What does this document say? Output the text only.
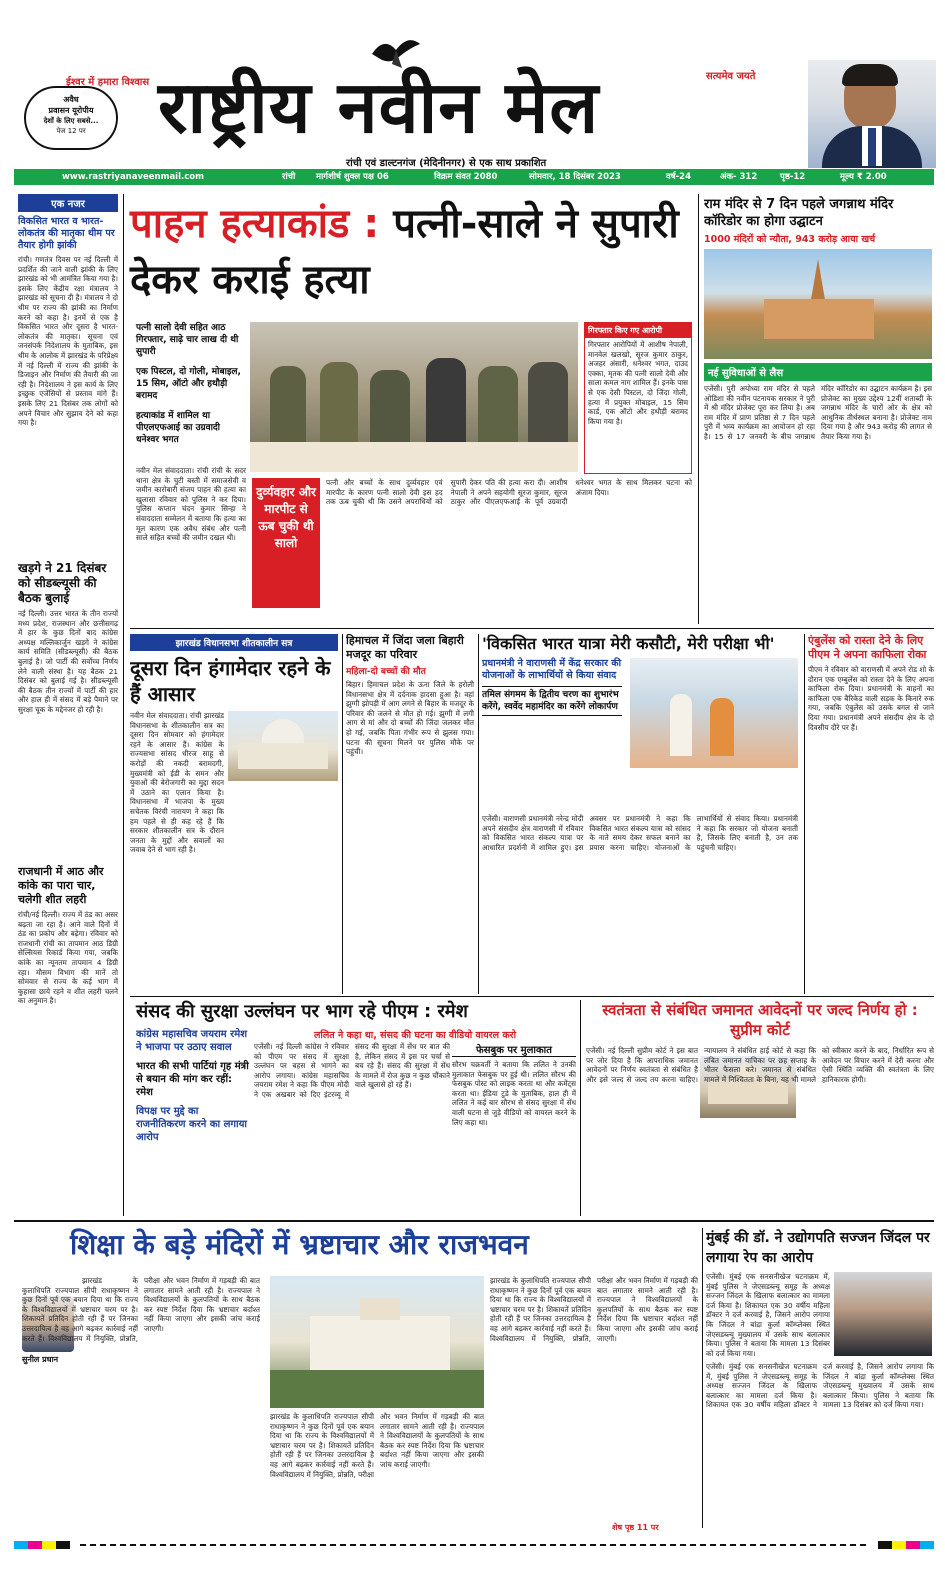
ईश्वर में हमारा विश्वास
अवैध
प्रवासन यूरोपीय
देशों के लिए सबसे...
पेज 12 पर	राष्ट्रीय नवीन मेल	सत्यमेव जयते
रांची एवं डाल्टनगंज (मेदिनीनगर) से एक साथ प्रकाशित
www.rastriyanaveenmail.com	रांची मार्गशीर्ष शुक्ल पक्ष 06	विक्रम संवत 2080	सोमवार, 18 दिसंबर 2023	वर्ष-24	अंक- 312	पृष्ठ-12	मूल्य ₹ 2.00
एक नजर
विकसित भारत व भारत-लोकतंत्र की मातृका थीम पर तैयार होगी झांकी
रांची। गणतंत्र दिवस पर नई दिल्ली में प्रदर्शित की जाने वाली झांकी के लिए झारखंड को भी आमंत्रित किया गया है। इसके लिए केंद्रीय रक्षा मंत्रालय ने झारखंड को सूचना दी है। मंत्रालय ने दो थीम पर राज्य की झांकी का निर्माण करने को कहा है। इनमें से एक है विकसित भारत और दूसरा है भारत-लोकतंत्र की मातृका। सूचना एवं जनसंपर्क निदेशालय के मुताबिक, इस थीम के आलोक में झारखंड के परिप्रेक्ष्य में नई दिल्ली में राज्य की झांकी के डिजाइन और निर्माण की तैयारी की जा रही है। निदेशालय ने इस कार्य के लिए इच्छुक एजेंसियों से प्रस्ताव मांगे हैं। इसके लिए 21 दिसंबर तक लोगों को अपने विचार और सुझाव देने को कहा गया है।
खड़गे ने 21 दिसंबर को सीडब्ल्यूसी की बैठक बुलाई
नई दिल्ली। उत्तर भारत के तीन राज्यों मध्य प्रदेश, राजस्थान और छत्तीसगढ़ में हार के कुछ दिनों बाद कांग्रेस अध्यक्ष मल्लिकार्जुन खड़गे ने कांग्रेस कार्य समिति (सीडब्ल्यूसी) की बैठक बुलाई है। जो पार्टी की सर्वोच्च निर्णय लेने वाली संस्था है। यह बैठक 21 दिसंबर को बुलाई गई है। सीडब्ल्यूसी की बैठक तीन राज्यों में पार्टी की हार और हाल ही में संसद में बड़े पैमाने पर सुरक्षा चूक के मद्देनजर हो रही है।
राजधानी में आठ और कांके का पारा चार, चलेगी शीत लहरी
रांची/नई दिल्ली। राज्य में ठंड का असर बढ़ता जा रहा है। आने वाले दिनों में ठंड का प्रकोप और बढ़ेगा। रविवार को राजधानी रांची का तापमान आठ डिग्री सेल्सियस रिकार्ड किया गया, जबकि कांके का न्यूनतम तापमान 4 डिग्री रहा। मौसम विभाग की मानें तो सोमवार से राज्य के कई भाग में कुहासा छाये रहने व शीत लहरी चलने का अनुमान है।
पाहन हत्याकांड : पत्नी-साले ने सुपारी देकर कराई हत्या
पत्नी सालो देवी सहित आठ गिरफ्तार, साढ़े चार लाख दी थी सुपारी
एक पिस्टल, दो गोली, मोबाइल, 15 सिम, ऑटो और हथौड़ी बरामद
हत्याकांड में शामिल था पीएलएफआई का उग्रवादी धनेश्वर भगत
नवीन मेल संवाददाता। रांची रांची के सदर थाना क्षेत्र के चुटी बस्ती में समाजसेवी व जमीन कारोबारी संजय पाहन की हत्या का खुलासा रविवार को पुलिस ने कर दिया। पुलिस कप्तान चंदन कुमार सिन्हा ने संवाददाता सम्मेलन में बताया कि हत्या का मूल कारण एक अवैध संबंध और पत्नी साले सहित बच्चों की जमीन दखल थी।
गिरफ्तार किए गए आरोपी
गिरफ्तार आरोपियों में आशीष नेपाली, मानवेल खलखो, सूरज कुमार ठाकुर, अजहर अंसारी, धनेश्वर भगत, दाउद एक्का, मृतक की पत्नी सालो देवी और साला कमल नाग शामिल हैं। इनके पास से एक देसी पिस्टल, दो जिंदा गोली, हत्या में प्रयुक्त मोबाइल, 15 सिम कार्ड, एक ऑटो और हथौड़ी बरामद किया गया है।
दुर्व्यवहार और मारपीट से ऊब चुकी थी सालो
पत्नी और बच्चों के साथ दुर्व्यवहार एवं मारपीट के कारण पत्नी सालो देवी इस हद तक ऊब चुकी थी कि उसने अपराधियों को सुपारी देकर पति की हत्या करा दी। आशीष नेपाली ने अपने सहयोगी सूरज कुमार, सूरज ठाकुर और पीएलएफआई के पूर्व उग्रवादी धनेश्वर भगत के साथ मिलकर घटना को अंजाम दिया।
राम मंदिर से 7 दिन पहले जगन्नाथ मंदिर कॉरिडोर का होगा उद्घाटन
1000 मंदिरों को न्यौता, 943 करोड़ आया खर्च
नई सुविधाओं से लैस
एजेंसी। पुरी अयोध्या राम मंदिर से पहले ओडिशा की नवीन पटनायक सरकार ने पुरी में श्री मंदिर प्रोजेक्ट पूरा कर लिया है। अब राम मंदिर में प्राण प्रतिष्ठा से 7 दिन पहले पुरी में भव्य कार्यक्रम का आयोजन हो रहा है। 15 से 17 जनवरी के बीच जगन्नाथ मंदिर कॉरिडोर का उद्घाटन कार्यक्रम है। इस प्रोजेक्ट का मुख्य उद्देश्य 12वीं शताब्दी के जगन्नाथ मंदिर के चारों ओर के क्षेत्र को आधुनिक तीर्थस्थल बनाना है। प्रोजेक्ट नाम दिया गया है और 943 करोड़ की लागत से तैयार किया गया है।
झारखंड विधानसभा शीतकालीन सत्र
दूसरा दिन हंगामेदार रहने के हैं आसार
नवीन मेल संवाददाता। रांची झारखंड विधानसभा के शीतकालीन सत्र का दूसरा दिन सोमवार को हंगामेदार रहने के आसार हैं। कांग्रेस के राज्यसभा सांसद धीरज साहू से करोड़ों की नकदी बरामदगी, मुख्यमंत्री को ईडी के समन और युवाओं की बेरोजगारी का मुद्दा सदन में उठाने का एलान किया है। विधानसभा में भाजपा के मुख्य सचेतक विरंची नारायण ने कहा कि हम पहले से ही कह रहे हैं कि सरकार शीतकालीन सत्र के दौरान जनता के मुद्दों और सवालों का जवाब देने से भाग रही है।
हिमाचल में जिंदा जला बिहारी मजदूर का परिवार
महिला-दो बच्चों की मौत
बिहार। हिमाचल प्रदेश के ऊना जिले के हरोली विधानसभा क्षेत्र में दर्दनाक हादसा हुआ है। वहां झुग्गी झोपड़ी में आग लगने से बिहार के मजदूर के परिवार की जलने से मौत हो गई। झुग्गी में लगी आग से मां और दो बच्चों की जिंदा जलकर मौत हो गई, जबकि पिता गंभीर रूप से झुलस गया। घटना की सूचना मिलने पर पुलिस मौके पर पहुंची।
'विकसित भारत यात्रा मेरी कसौटी, मेरी परीक्षा भी'
प्रधानमंत्री ने वाराणसी में केंद्र सरकार की योजनाओं के लाभार्थियों से किया संवाद
तमिल संगमम के द्वितीय चरण का शुभारंभ करेंगे, स्वर्वेद महामंदिर का करेंगे लोकार्पण
एजेंसी। वाराणसी प्रधानमंत्री नरेन्द्र मोदी अपने संसदीय क्षेत्र वाराणसी में रविवार को विकसित भारत संकल्प यात्रा पर आधारित प्रदर्शनी में शामिल हुए। इस अवसर पर प्रधानमंत्री ने कहा कि विकसित भारत संकल्प यात्रा को सांसद के नाते समय देकर सफल बनाने का प्रयास करना चाहिए। योजनाओं के लाभार्थियों से संवाद किया। प्रधानमंत्री ने कहा कि सरकार जो योजना बनाती है, जिसके लिए बनाती है, उन तक पहुंचनी चाहिए।
एंबुलेंस को रास्ता देने के लिए पीएम ने अपना काफिला रोका
पीएम ने रविवार को वाराणसी में अपने रोड शो के दौरान एक एम्बुलेंस को रास्ता देने के लिए अपना काफिला रोक दिया। प्रधानमंत्री के वाहनों का काफिला एक बैरिकेड वाली सड़क के किनारे रुक गया, जबकि एंबुलेंस को उसके बगल से जाने दिया गया। प्रधानमंत्री अपने संसदीय क्षेत्र के दो दिवसीय दौरे पर हैं।
संसद की सुरक्षा उल्लंघन पर भाग रहे पीएम : रमेश
ललित ने कहा था, संसद की घटना का वीडियो वायरल करो
कांग्रेस महासचिव जयराम रमेश ने भाजपा पर उठाए सवाल
भारत की सभी पार्टियां गृह मंत्री से बयान की मांग कर रहीं: रमेश
विपक्ष पर मुद्दे का राजनीतिकरण करने का लगाया आरोप
एजेंसी। नई दिल्ली कांग्रेस ने रविवार को पीएम पर संसद में सुरक्षा उल्लंघन पर बहस से भागने का आरोप लगाया। कांग्रेस महासचिव जयराम रमेश ने कहा कि पीएम मोदी ने एक अखबार को दिए इंटरव्यू में संसद की सुरक्षा में सेंध पर बात की है, लेकिन संसद में इस पर चर्चा से बच रहे हैं। संसद की सुरक्षा में सेंध के मामले में रोज कुछ न कुछ चौंकाने वाले खुलासे हो रहे हैं।
फेसबुक पर मुलाकात
सौरभ चक्रवर्ती ने बताया कि ललित ने उनकी मुलाकात फेसबुक पर हुई थी। ललित सौरभ की फेसबुक पोस्ट को लाइक करता था और कमेंट्स करता था। ईडिया टुडे के मुताबिक, हाल ही में ललित ने कई बार सौरभ से संसद सुरक्षा में सेंध वाली घटना से जुड़े वीडियो को वायरल करने के लिए कहा था।
स्वतंत्रता से संबंधित जमानत आवेदनों पर जल्द निर्णय हो : सुप्रीम कोर्ट
एजेंसी। नई दिल्ली सुप्रीम कोर्ट ने इस बात पर जोर दिया है कि आपराधिक जमानत आवेदनों पर निर्णय स्वतंत्रता से संबंधित है और इसे जल्द से जल्द तय करना चाहिए। न्यायालय ने संबंधित हाई कोर्ट से कहा कि लंबित जमानत याचिका पर छह सप्ताह के भीतर फैसला करे। जमानत से संबंधित मामले में निश्चितता के बिना, यह भी मामले को स्वीकार करने के बाद, निर्धारित रूप से आवेदन पर विचार करने में देरी करना और ऐसी स्थिति व्यक्ति की स्वतंत्रता के लिए हानिकारक होगी।
शिक्षा के बड़े मंदिरों में भ्रष्टाचार और राजभवन
सुनील प्रधान
झारखंड के कुलाधिपति राज्यपाल सीपी राधाकृष्णन ने कुछ दिनों पूर्व एक बयान दिया था कि राज्य के विश्वविद्यालयों में भ्रष्टाचार चरम पर है। शिकायतें प्रतिदिन होती रही हैं पर जिनका उत्तरदायित्व है वह आगे बढ़कर कार्रवाई नहीं करते हैं। विश्वविद्यालय में नियुक्ति, प्रोन्नति, परीक्षा और भवन निर्माण में गड़बड़ी की बात लगातार सामने आती रही है। राज्यपाल ने विश्वविद्यालयों के कुलपतियों के साथ बैठक कर स्पष्ट निर्देश दिया कि भ्रष्टाचार बर्दाश्त नहीं किया जाएगा और इसकी जांच कराई जाएगी।
झारखंड के कुलाधिपति राज्यपाल सीपी राधाकृष्णन ने कुछ दिनों पूर्व एक बयान दिया था कि राज्य के विश्वविद्यालयों में भ्रष्टाचार चरम पर है। शिकायतें प्रतिदिन होती रही हैं पर जिनका उत्तरदायित्व है वह आगे बढ़कर कार्रवाई नहीं करते हैं। विश्वविद्यालय में नियुक्ति, प्रोन्नति, परीक्षा और भवन निर्माण में गड़बड़ी की बात लगातार सामने आती रही है। राज्यपाल ने विश्वविद्यालयों के कुलपतियों के साथ बैठक कर स्पष्ट निर्देश दिया कि भ्रष्टाचार बर्दाश्त नहीं किया जाएगा और इसकी जांच कराई जाएगी।
झारखंड के कुलाधिपति राज्यपाल सीपी राधाकृष्णन ने कुछ दिनों पूर्व एक बयान दिया था कि राज्य के विश्वविद्यालयों में भ्रष्टाचार चरम पर है। शिकायतें प्रतिदिन होती रही हैं पर जिनका उत्तरदायित्व है वह आगे बढ़कर कार्रवाई नहीं करते हैं। विश्वविद्यालय में नियुक्ति, प्रोन्नति, परीक्षा और भवन निर्माण में गड़बड़ी की बात लगातार सामने आती रही है। राज्यपाल ने विश्वविद्यालयों के कुलपतियों के साथ बैठक कर स्पष्ट निर्देश दिया कि भ्रष्टाचार बर्दाश्त नहीं किया जाएगा और इसकी जांच कराई जाएगी।
शेष पृष्ठ 11 पर
मुंबई की डॉ. ने उद्योगपति सज्जन जिंदल पर लगाया रेप का आरोप
एजेंसी। मुंबई एक सनसनीखेज घटनाक्रम में, मुंबई पुलिस ने जेएसडब्ल्यू समूह के अध्यक्ष सज्जन जिंदल के खिलाफ बलात्कार का मामला दर्ज किया है। शिकायत एक 30 वर्षीय महिला डॉक्टर ने दर्ज करवाई है, जिसने आरोप लगाया कि जिंदल ने बांद्रा कुर्ला कॉम्प्लेक्स स्थित जेएसडब्ल्यू मुख्यालय में उसके साथ बलात्कार किया। पुलिस ने बताया कि मामला 13 दिसंबर को दर्ज किया गया।
एजेंसी। मुंबई एक सनसनीखेज घटनाक्रम में, मुंबई पुलिस ने जेएसडब्ल्यू समूह के अध्यक्ष सज्जन जिंदल के खिलाफ बलात्कार का मामला दर्ज किया है। शिकायत एक 30 वर्षीय महिला डॉक्टर ने दर्ज करवाई है, जिसने आरोप लगाया कि जिंदल ने बांद्रा कुर्ला कॉम्प्लेक्स स्थित जेएसडब्ल्यू मुख्यालय में उसके साथ बलात्कार किया। पुलिस ने बताया कि मामला 13 दिसंबर को दर्ज किया गया।
